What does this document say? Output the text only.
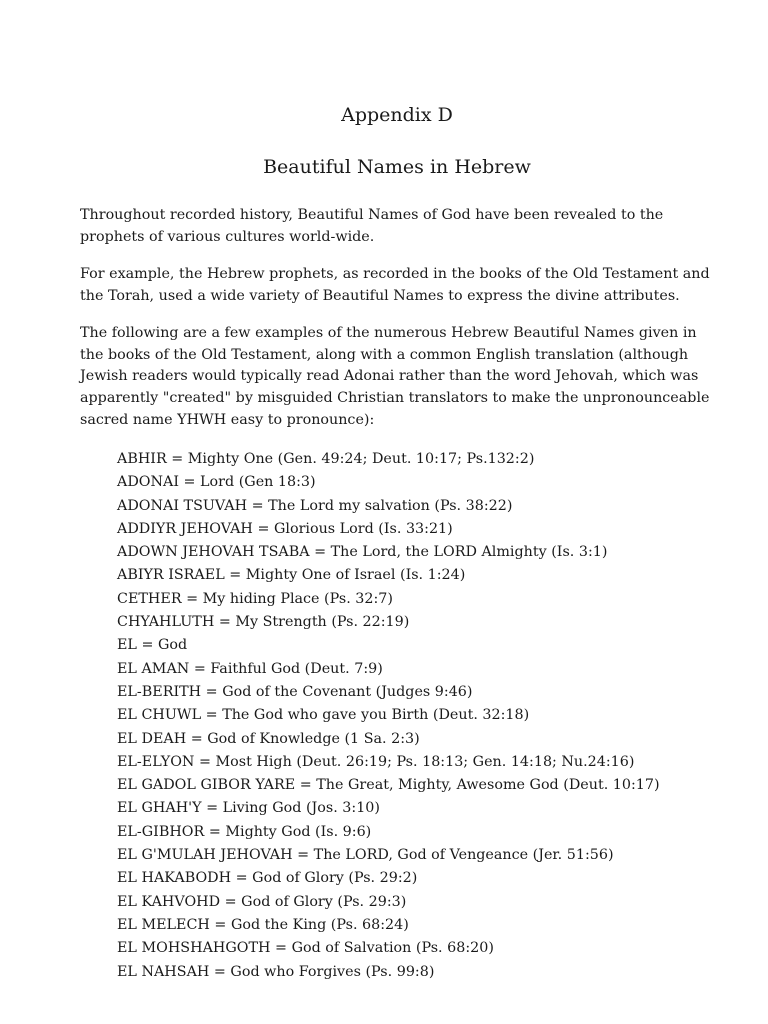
Appendix D
Beautiful Names in Hebrew

Throughout recorded history, Beautiful Names of God have been revealed to the
prophets of various cultures world-wide.

For example, the Hebrew prophets, as recorded in the books of the Old Testament and
the Torah, used a wide variety of Beautiful Names to express the divine attributes.

The following are a few examples of the numerous Hebrew Beautiful Names given in
the books of the Old Testament, along with a common English translation (although
Jewish readers would typically read Adonai rather than the word Jehovah, which was
apparently "created" by misguided Christian translators to make the unpronounceable
sacred name YHWH easy to pronounce):

ABHIR = Mighty One (Gen. 49:24; Deut. 10:17; Ps.132:2)
ADONAI = Lord (Gen 18:3)
ADONAI TSUVAH = The Lord my salvation (Ps. 38:22)
ADDIYR JEHOVAH = Glorious Lord (Is. 33:21)
ADOWN JEHOVAH TSABA = The Lord, the LORD Almighty (Is. 3:1)
ABIYR ISRAEL = Mighty One of Israel (Is. 1:24)
CETHER = My hiding Place (Ps. 32:7)
CHYAHLUTH = My Strength (Ps. 22:19)
EL = God
EL AMAN = Faithful God (Deut. 7:9)
EL-BERITH = God of the Covenant (Judges 9:46)
EL CHUWL = The God who gave you Birth (Deut. 32:18)
EL DEAH = God of Knowledge (1 Sa. 2:3)
EL-ELYON = Most High (Deut. 26:19; Ps. 18:13; Gen. 14:18; Nu.24:16)
EL GADOL GIBOR YARE = The Great, Mighty, Awesome God (Deut. 10:17)
EL GHAH'Y = Living God (Jos. 3:10)
EL-GIBHOR = Mighty God (Is. 9:6)
EL G'MULAH JEHOVAH = The LORD, God of Vengeance (Jer. 51:56)
EL HAKABODH = God of Glory (Ps. 29:2)
EL KAHVOHD = God of Glory (Ps. 29:3)
EL MELECH = God the King (Ps. 68:24)
EL MOHSHAHGOTH = God of Salvation (Ps. 68:20)
EL NAHSAH = God who Forgives (Ps. 99:8)
